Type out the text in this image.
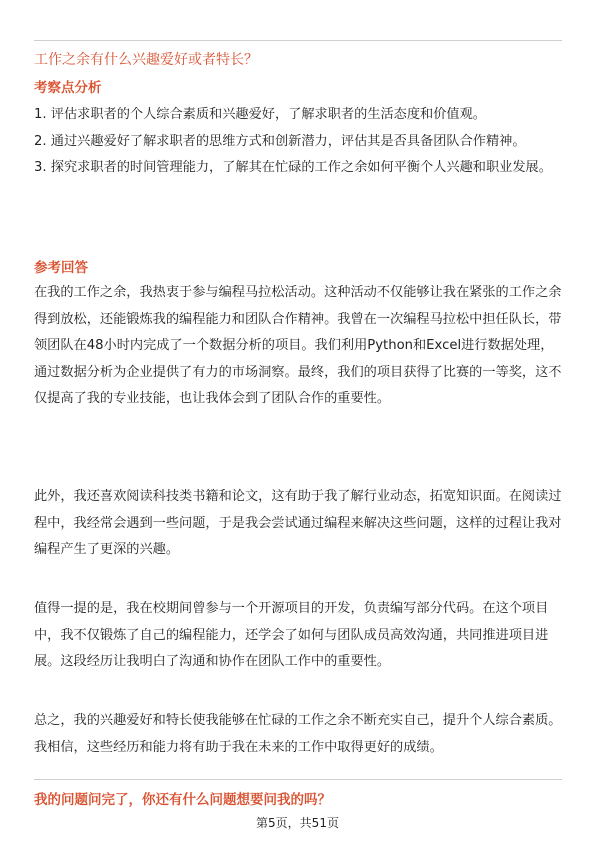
工作之余有什么兴趣爱好或者特长？
考察点分析

1. 评估求职者的个人综合素质和兴趣爱好，了解求职者的生活态度和价值观。

2. 通过兴趣爱好了解求职者的思维方式和创新潜力，评估其是否具备团队合作精神。

3. 探究求职者的时间管理能力，了解其在忙碌的工作之余如何平衡个人兴趣和职业发展。

参考回答
在我的工作之余，我热衷于参与编程马拉松活动。这种活动不仅能够让我在紧张的工作之余得到放松，还能锻炼我的编程能力和团队合作精神。我曾在一次编程马拉松中担任队长，带领团队在48小时内完成了一个数据分析的项目。我们利用Python和Excel进行数据处理，通过数据分析为企业提供了有力的市场洞察。最终，我们的项目获得了比赛的一等奖，这不仅提高了我的专业技能，也让我体会到了团队合作的重要性。
此外，我还喜欢阅读科技类书籍和论文，这有助于我了解行业动态，拓宽知识面。在阅读过程中，我经常会遇到一些问题，于是我会尝试通过编程来解决这些问题，这样的过程让我对编程产生了更深的兴趣。
值得一提的是，我在校期间曾参与一个开源项目的开发，负责编写部分代码。在这个项目中，我不仅锻炼了自己的编程能力，还学会了如何与团队成员高效沟通，共同推进项目进展。这段经历让我明白了沟通和协作在团队工作中的重要性。
总之，我的兴趣爱好和特长使我能够在忙碌的工作之余不断充实自己，提升个人综合素质。我相信，这些经历和能力将有助于我在未来的工作中取得更好的成绩。
我的问题问完了，你还有什么问题想要问我的吗？
第5页，共51页
